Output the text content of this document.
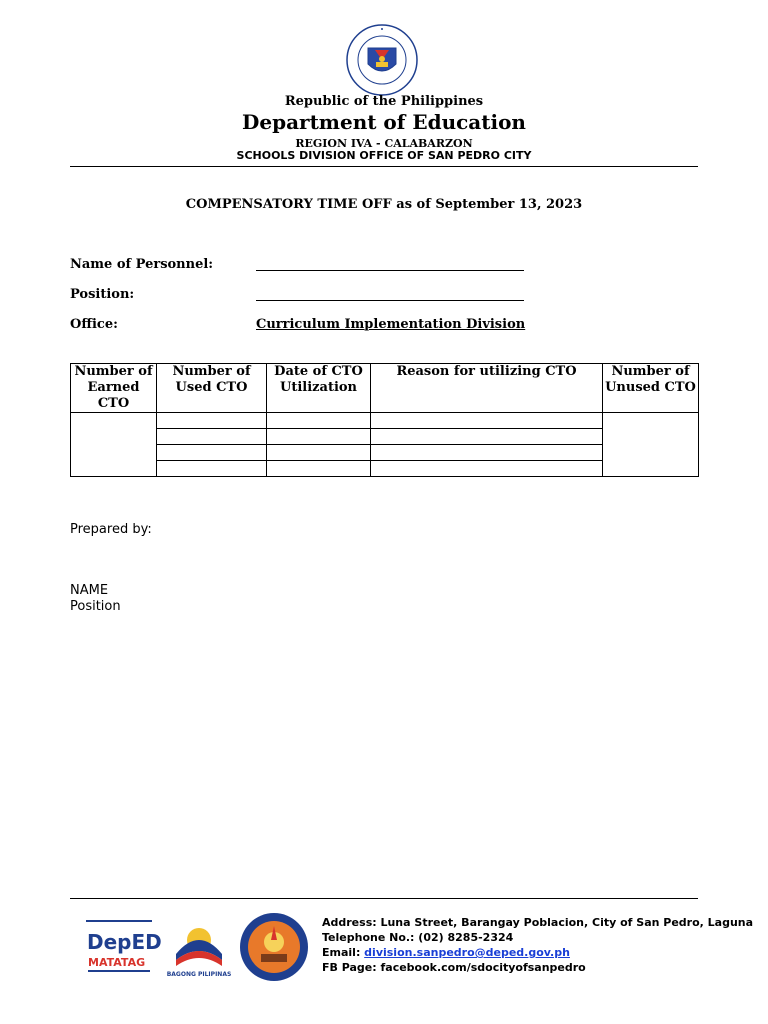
Republic of the Philippines
Department of Education
REGION IVA - CALABARZON
SCHOOLS DIVISION OFFICE OF SAN PEDRO CITY
COMPENSATORY TIME OFF as of September 13, 2023
Name of Personnel:
Position:
Office:	Curriculum Implementation Division
Number of Earned CTO	Number of Used CTO	Date of CTO Utilization	Reason for utilizing CTO	Number of Unused CTO

Prepared by:
NAME
Position
DepED
MATATAG
BAGONG PILIPINAS
Address: Luna Street, Barangay Poblacion, City of San Pedro, Laguna
Telephone No.: (02) 8285-2324
Email: division.sanpedro@deped.gov.ph
FB Page: facebook.com/sdocityofsanpedro
